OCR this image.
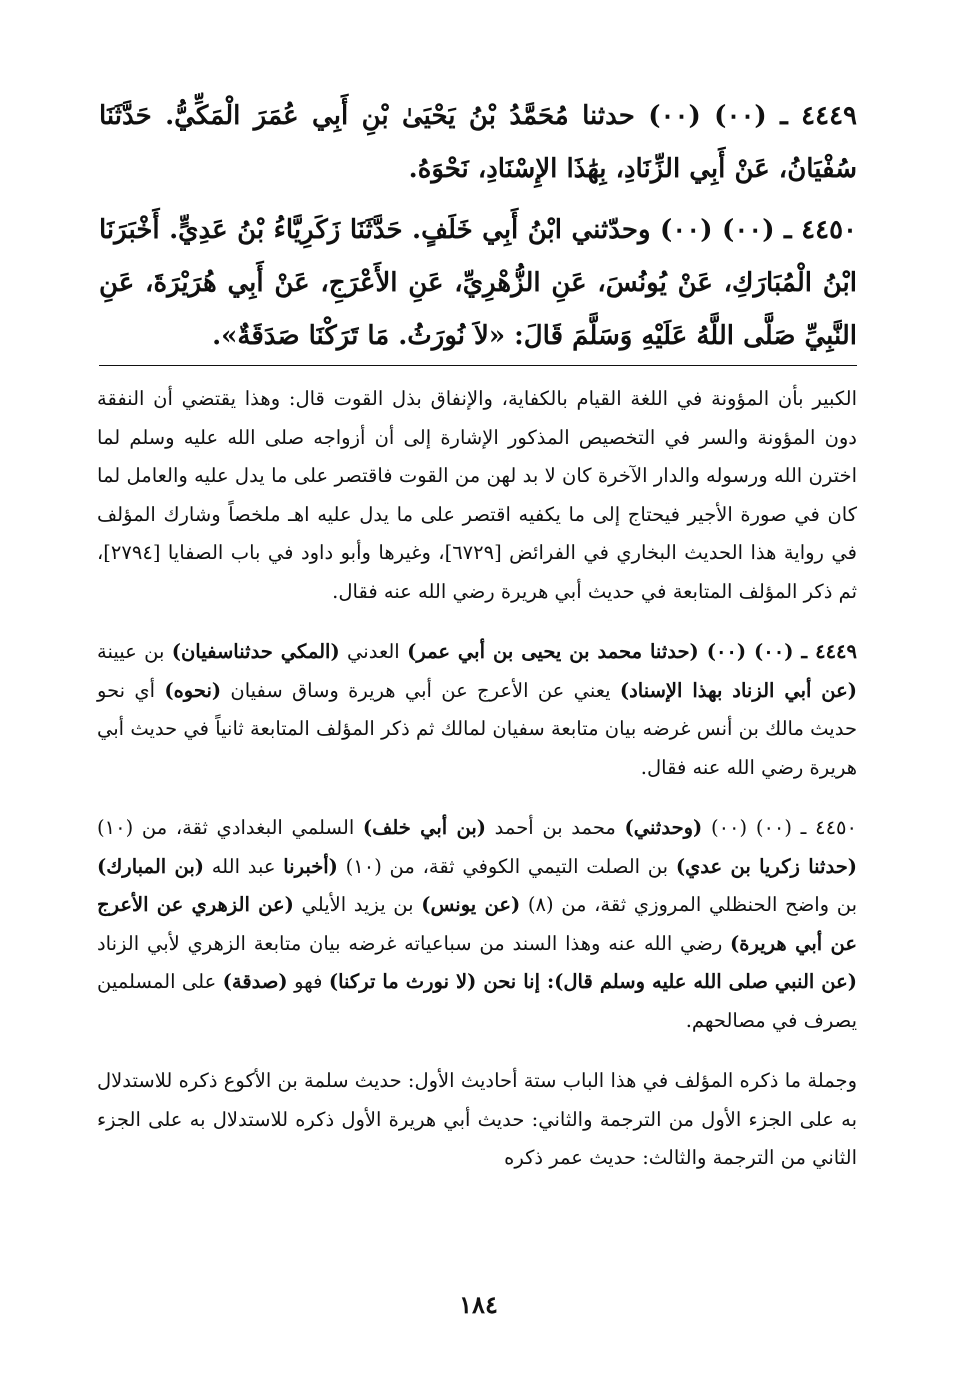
٤٤٤٩ ـ (٠٠) (٠٠) حدثنا مُحَمَّدُ بْنُ يَحْيَىٰ بْنِ أَبِي عُمَرَ الْمَكِّيُّ. حَدَّثَنَا سُفْيَانُ، عَنْ أَبِي الزِّنَادِ، بِهَٰذَا الإِسْنَادِ، نَحْوَهُ.

٤٤٥٠ ـ (٠٠) (٠٠) وحدّثني ابْنُ أَبِي خَلَفٍ. حَدَّثَنَا زَكَرِيَّاءُ بْنُ عَدِيٍّ. أَخْبَرَنَا ابْنُ الْمُبَارَكِ، عَنْ يُونُسَ، عَنِ الزُّهْرِيِّ، عَنِ الأَعْرَجِ، عَنْ أَبِي هُرَيْرَةَ، عَنِ النَّبِيِّ صَلَّى اللَّهُ عَلَيْهِ وَسَلَّمَ قَالَ: «لاَ نُورَثُ. مَا تَرَكْنَا صَدَقَةٌ».

الكبير بأن المؤونة في اللغة القيام بالكفاية، والإنفاق بذل القوت قال: وهذا يقتضي أن النفقة دون المؤونة والسر في التخصيص المذكور الإشارة إلى أن أزواجه صلى الله عليه وسلم لما اخترن الله ورسوله والدار الآخرة كان لا بد لهن من القوت فاقتصر على ما يدل عليه والعامل لما كان في صورة الأجير فيحتاج إلى ما يكفيه اقتصر على ما يدل عليه اهـ ملخصاً وشارك المؤلف في رواية هذا الحديث البخاري في الفرائض [٦٧٢٩]، وغيرها وأبو داود في باب الصفايا [٢٧٩٤]، ثم ذكر المؤلف المتابعة في حديث أبي هريرة رضي الله عنه فقال.

٤٤٤٩ ـ (٠٠) (٠٠) (حدثنا محمد بن يحيى بن أبي عمر) العدني (المكي حدثناسفيان) بن عيينة (عن أبي الزناد بهذا الإسناد) يعني عن الأعرج عن أبي هريرة وساق سفيان (نحوه) أي نحو حديث مالك بن أنس غرضه بيان متابعة سفيان لمالك ثم ذكر المؤلف المتابعة ثانياً في حديث أبي هريرة رضي الله عنه فقال.

٤٤٥٠ ـ (٠٠) (٠٠) (وحدثني) محمد بن أحمد (بن أبي خلف) السلمي البغدادي ثقة، من (١٠) (حدثنا زكريا بن عدي) بن الصلت التيمي الكوفي ثقة، من (١٠) (أخبرنا عبد الله (بن المبارك) بن واضح الحنظلي المروزي ثقة، من (٨) (عن يونس) بن يزيد الأيلي (عن الزهري عن الأعرج عن أبي هريرة) رضي الله عنه وهذا السند من سباعياته غرضه بيان متابعة الزهري لأبي الزناد (عن النبي صلى الله عليه وسلم قال): إنا نحن (لا نورث ما تركنا) فهو (صدقة) على المسلمين يصرف في مصالحهم.

وجملة ما ذكره المؤلف في هذا الباب ستة أحاديث الأول: حديث سلمة بن الأكوع ذكره للاستدلال به على الجزء الأول من الترجمة والثاني: حديث أبي هريرة الأول ذكره للاستدلال به على الجزء الثاني من الترجمة والثالث: حديث عمر ذكره

١٨٤
